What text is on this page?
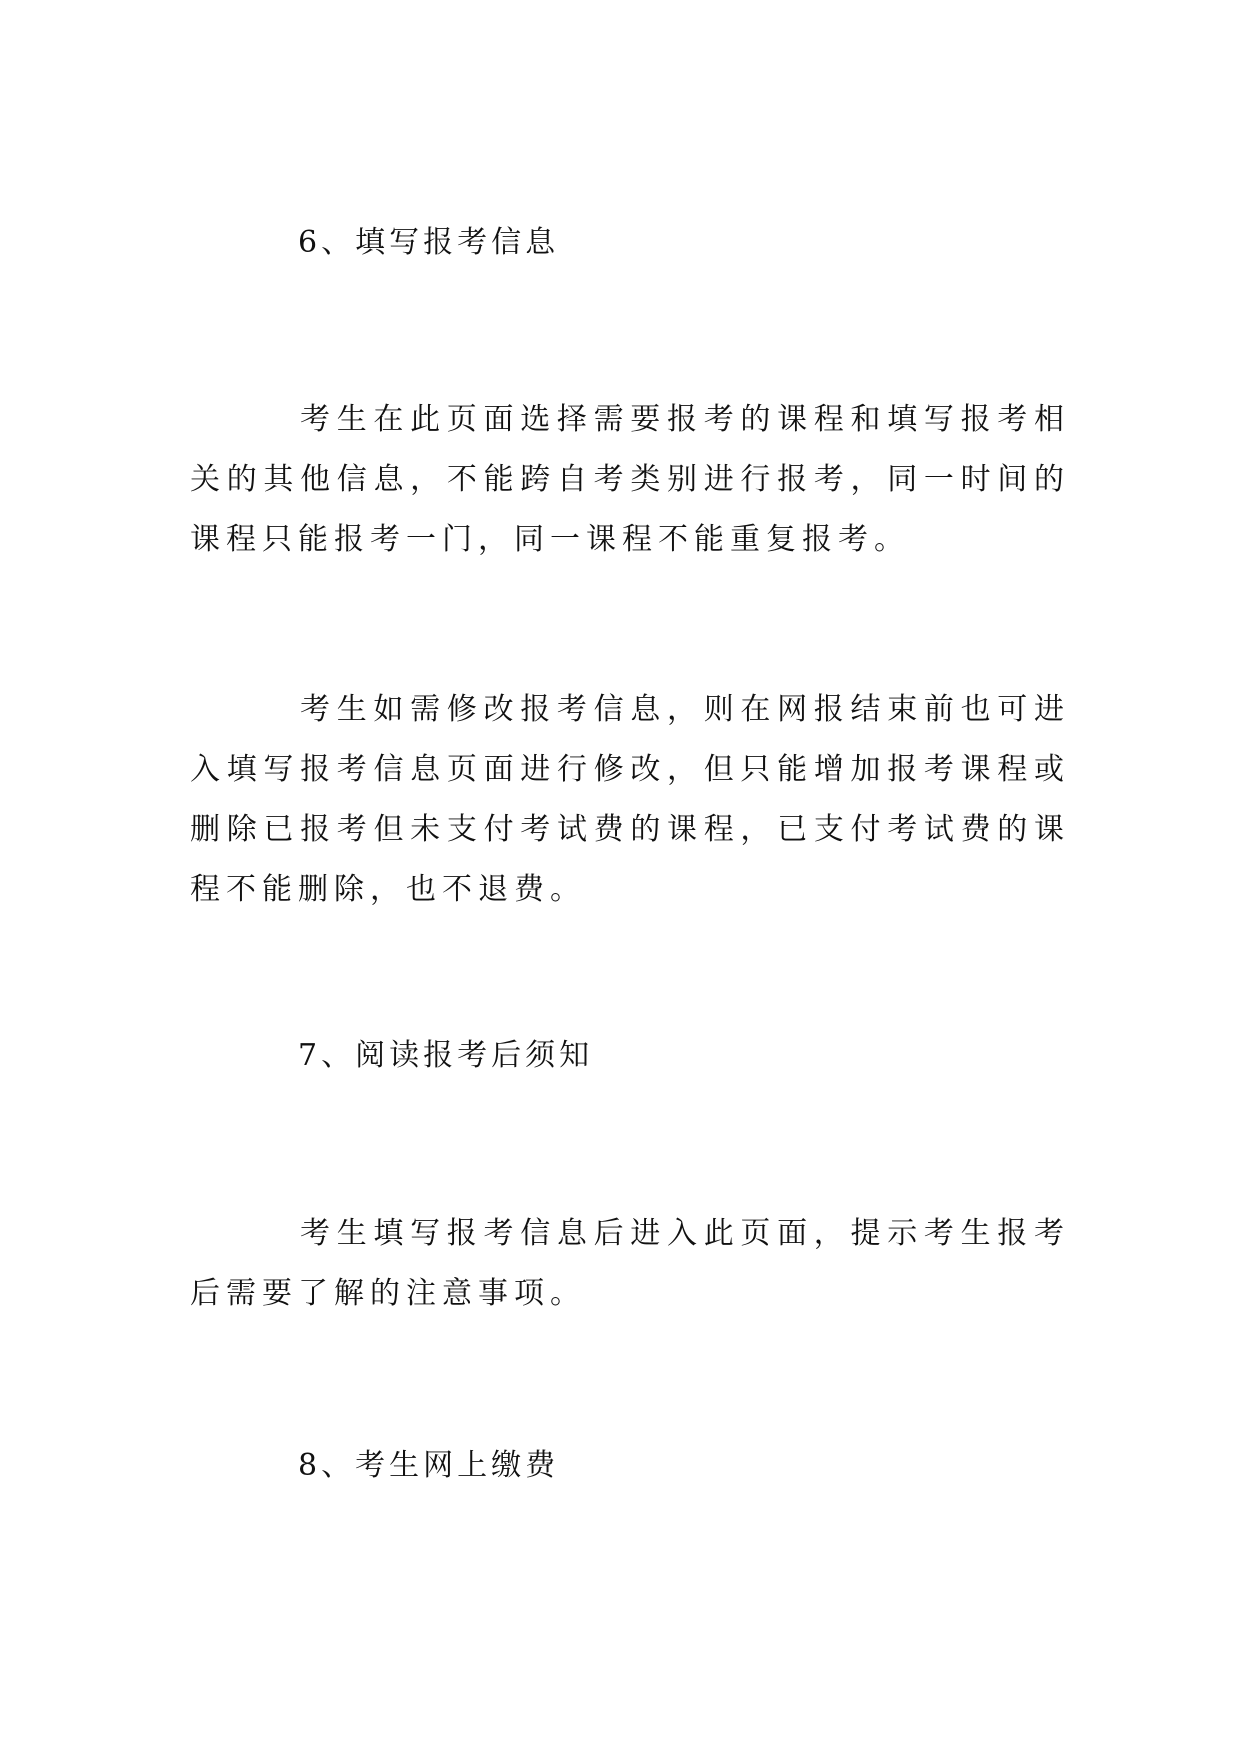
6、填写报考信息

考生在此页面选择需要报考的课程和填写报考相关的其他信息，不能跨自考类别进行报考，同一时间的课程只能报考一门，同一课程不能重复报考。

考生如需修改报考信息，则在网报结束前也可进入填写报考信息页面进行修改，但只能增加报考课程或删除已报考但未支付考试费的课程，已支付考试费的课程不能删除，也不退费。

7、阅读报考后须知

考生填写报考信息后进入此页面，提示考生报考后需要了解的注意事项。

8、考生网上缴费
